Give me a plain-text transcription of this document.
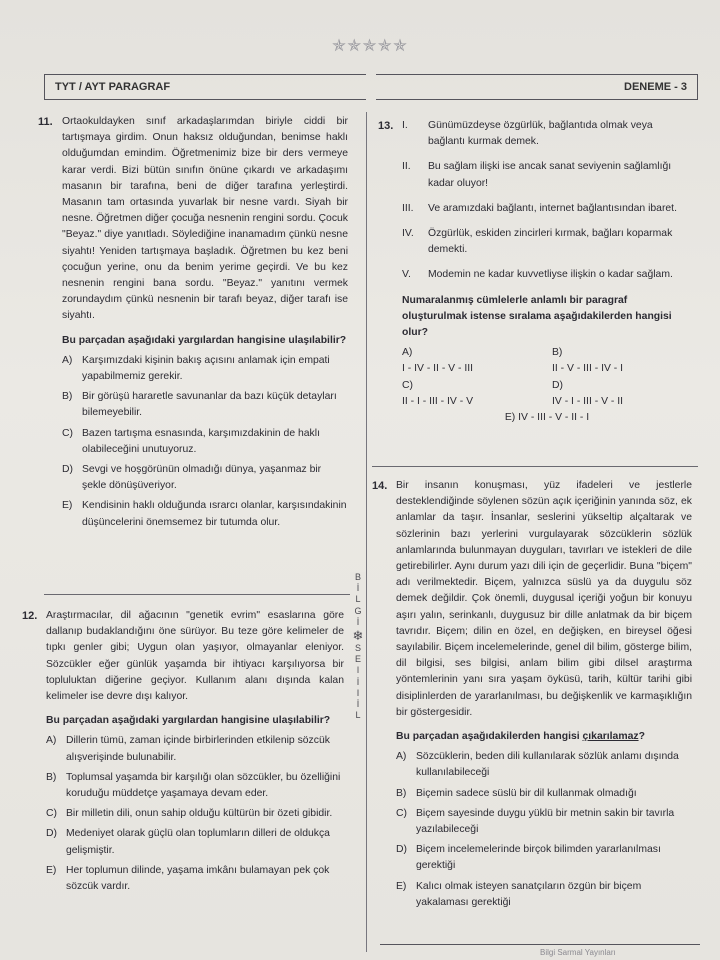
✯✯✯✯✯
TYT / AYT PARAGRAF	DENEME - 3
11. Ortaokuldayken sınıf arkadaşlarımdan biriyle ciddi bir tartışmaya girdim. Onun haksız olduğundan, benimse haklı olduğumdan emindim. Öğretmenimiz bize bir ders vermeye karar verdi. Bizi bütün sınıfın önüne çıkardı ve arkadaşımı masanın bir tarafına, beni de diğer tarafına yerleştirdi. Masanın tam ortasında yuvarlak bir nesne vardı. Siyah bir nesne. Öğretmen diğer çocuğa nesnenin rengini sordu. Çocuk "Beyaz." diye yanıtladı. Söylediğine inanamadım çünkü nesne siyahtı! Yeniden tartışmaya başladık. Öğretmen bu kez beni çocuğun yerine, onu da benim yerime geçirdi. Ve bu kez nesnenin rengini bana sordu. "Beyaz." yanıtını vermek zorundaydım çünkü nesnenin bir tarafı beyaz, diğer tarafı ise siyahtı.

Bu parçadan aşağıdaki yargılardan hangisine ulaşılabilir?

A) Karşımızdaki kişinin bakış açısını anlamak için empati yapabilmemiz gerekir.
B) Bir görüşü hararetle savunanlar da bazı küçük detayları bilemeyebilir.
C) Bazen tartışma esnasında, karşımızdakinin de haklı olabileceğini unutuyoruz.
D) Sevgi ve hoşgörünün olmadığı dünya, yaşanmaz bir şekle dönüşüveriyor.
E) Kendisinin haklı olduğunda ısrarcı olanlar, karşısındakinin düşüncelerini önemsemez bir tutumda olur.
B
İ
L
G
İ
❄
S
E
l
İ
I
İ
L
12. Araştırmacılar, dil ağacının "genetik evrim" esaslarına göre dallanıp budaklandığını öne sürüyor. Bu teze göre kelimeler de tıpkı genler gibi; Uygun olan yaşıyor, olmayanlar eleniyor. Sözcükler eğer günlük yaşamda bir ihtiyacı karşılıyorsa bir topluluktan diğerine geçiyor. Kullanım alanı dışında kalan kelimeler ise devre dışı kalıyor.

Bu parçadan aşağıdaki yargılardan hangisine ulaşılabilir?

A) Dillerin tümü, zaman içinde birbirlerinden etkilenip sözcük alışverişinde bulunabilir.
B) Toplumsal yaşamda bir karşılığı olan sözcükler, bu özelliğini koruduğu müddetçe yaşamaya devam eder.
C) Bir milletin dili, onun sahip olduğu kültürün bir özeti gibidir.
D) Medeniyet olarak güçlü olan toplumların dilleri de oldukça gelişmiştir.
E) Her toplumun dilinde, yaşama imkânı bulamayan pek çok sözcük vardır.
13. I. Günümüzdeyse özgürlük, bağlantıda olmak veya bağlantı kurmak demek.
II. Bu sağlam ilişki ise ancak sanat seviyenin sağlamlığı kadar oluyor!
III. Ve aramızdaki bağlantı, internet bağlantısından ibaret.
IV. Özgürlük, eskiden zincirleri kırmak, bağları koparmak demekti.
V. Modemin ne kadar kuvvetliyse ilişkin o kadar sağlam.

Numaralanmış cümlelerle anlamlı bir paragraf oluşturulmak istense sıralama aşağıdakilerden hangisi olur?

A)
I - IV - II - V - III
B)
II - V - III - IV - I
C)
II - I - III - IV - V
D)
IV - I - III - V - II
E) IV - III - V - II - I
14. Bir insanın konuşması, yüz ifadeleri ve jestlerle desteklendiğinde söylenen sözün açık içeriğinin yanında söz, ek anlamlar da taşır. İnsanlar, seslerini yükseltip alçaltarak ve sözlerinin bazı yerlerini vurgulayarak sözcüklerin sözlük anlamlarında bulunmayan duyguları, tavırları ve istekleri de dile getirebilirler. Aynı durum yazı dili için de geçerlidir. Buna "biçem" adı verilmektedir. Biçem, yalnızca süslü ya da duygulu söz demek değildir. Çok önemli, duygusal içeriği yoğun bir konuyu aşırı yalın, serinkanlı, duygusuz bir dille anlatmak da bir biçem tavrıdır. Biçem; dilin en özel, en değişken, en bireysel öğesi sayılabilir. Biçem incelemelerinde, genel dil bilim, gösterge bilim, dil bilgisi, ses bilgisi, anlam bilim gibi dilsel araştırma yöntemlerinin yanı sıra yaşam öyküsü, tarih, kültür tarihi gibi disiplinlerden de yararlanılması, bu değişkenlik ve karmaşıklığın bir göstergesidir.

Bu parçadan aşağıdakilerden hangisi çıkarılamaz?

A) Sözcüklerin, beden dili kullanılarak sözlük anlamı dışında kullanılabileceği
B) Biçemin sadece süslü bir dil kullanmak olmadığı
C) Biçem sayesinde duygu yüklü bir metnin sakin bir tavırla yazılabileceği
D) Biçem incelemelerinde birçok bilimden yararlanılması gerektiği
E) Kalıcı olmak isteyen sanatçıların özgün bir biçem yakalaması gerektiği
Bilgi Sarmal Yayınları
